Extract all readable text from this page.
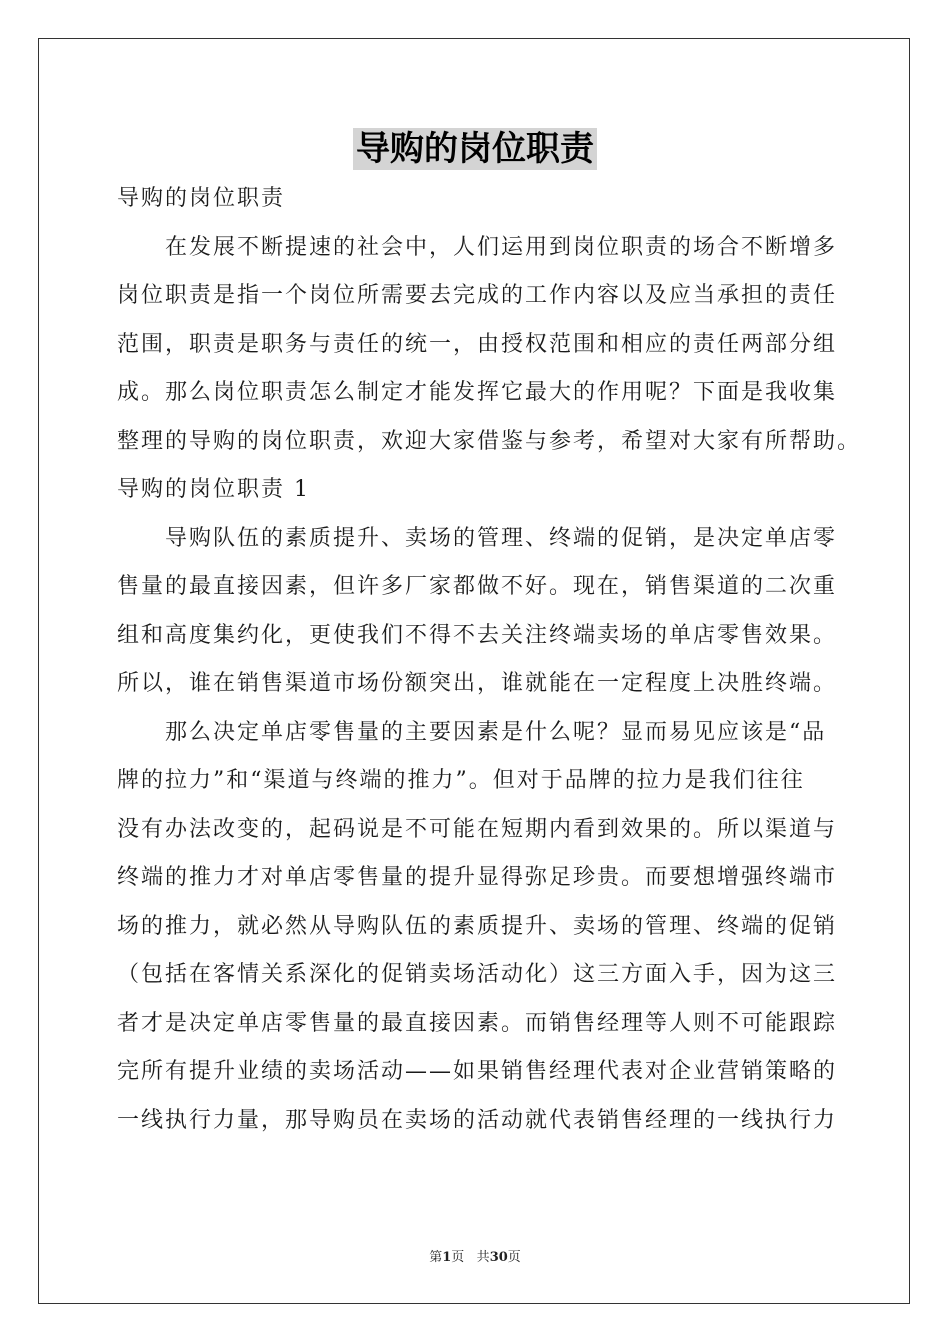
导购的岗位职责
导购的岗位职责
在发展不断提速的社会中，人们运用到岗位职责的场合不断增多
岗位职责是指一个岗位所需要去完成的工作内容以及应当承担的责任
范围，职责是职务与责任的统一，由授权范围和相应的责任两部分组
成。那么岗位职责怎么制定才能发挥它最大的作用呢？下面是我收集
整理的导购的岗位职责，欢迎大家借鉴与参考，希望对大家有所帮助。
导购的岗位职责 1
导购队伍的素质提升、卖场的管理、终端的促销，是决定单店零
售量的最直接因素，但许多厂家都做不好。现在，销售渠道的二次重
组和高度集约化，更使我们不得不去关注终端卖场的单店零售效果。
所以，谁在销售渠道市场份额突出，谁就能在一定程度上决胜终端。
那么决定单店零售量的主要因素是什么呢？显而易见应该是“品
牌的拉力”和“渠道与终端的推力”。但对于品牌的拉力是我们往往
没有办法改变的，起码说是不可能在短期内看到效果的。所以渠道与
终端的推力才对单店零售量的提升显得弥足珍贵。而要想增强终端市
场的推力，就必然从导购队伍的素质提升、卖场的管理、终端的促销
（包括在客情关系深化的促销卖场活动化）这三方面入手，因为这三
者才是决定单店零售量的最直接因素。而销售经理等人则不可能跟踪
完所有提升业绩的卖场活动——如果销售经理代表对企业营销策略的
一线执行力量，那导购员在卖场的活动就代表销售经理的一线执行力
第1页 共30页
